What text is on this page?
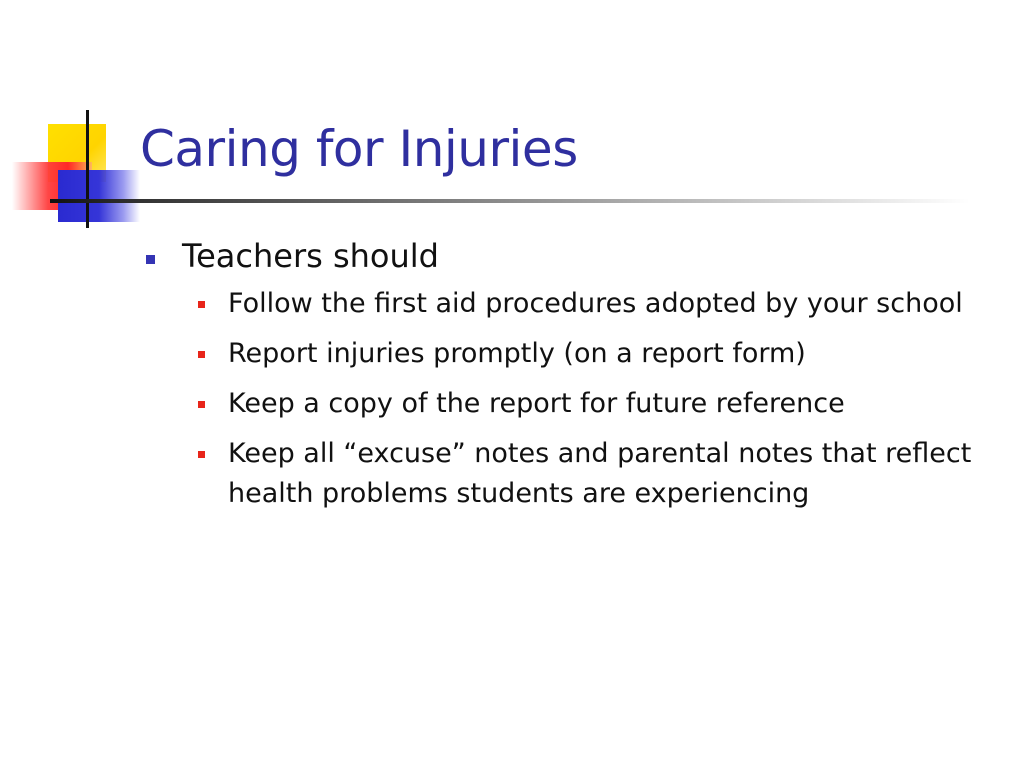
Caring for Injuries
Teachers should
Follow the first aid procedures adopted by your school
Report injuries promptly (on a report form)
Keep a copy of the report for future reference
Keep all “excuse” notes and parental notes that reflect health problems students are experiencing
